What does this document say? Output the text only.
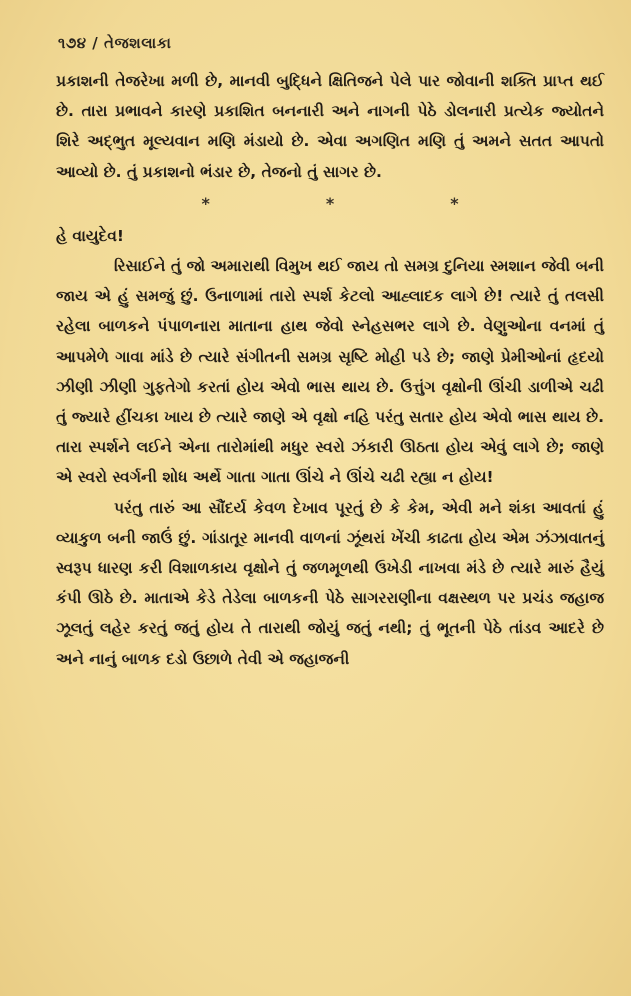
૧૭૪ / તેજશલાકા

પ્રકાશની તેજરેખા મળી છે, માનવી બુદ્ધિને ક્ષિતિજને પેલે પાર જોવાની શક્તિ પ્રાપ્ત થઈ છે. તારા પ્રભાવને કારણે પ્રકાશિત બનનારી અને નાગની પેઠે ડોલનારી પ્રત્યેક જ્યોતને શિરે અદ્ભુત મૂલ્યવાન મણિ મંડાયો છે. એવા અગણિત મણિ તું અમને સતત આપતો આવ્યો છે. તું પ્રકાશનો ભંડાર છે, તેજનો તું સાગર છે.

*	*	*

હે વાયુદેવ!

રિસાઈને તું જો અમારાથી વિમુખ થઈ જાય તો સમગ્ર દુનિયા સ્મશાન જેવી બની જાય એ હું સમજું છું. ઉનાળામાં તારો સ્પર્શ કેટલો આહ્લાદક લાગે છે! ત્યારે તું તલસી રહેલા બાળકને પંપાળનારા માતાના હાથ જેવો સ્નેહસભર લાગે છે. વેણુઓના વનમાં તું આપમેળે ગાવા માંડે છે ત્યારે સંગીતની સમગ્ર સૃષ્ટિ મોહી પડે છે; જાણે પ્રેમીઓનાં હૃદયો ઝીણી ઝીણી ગુફતેગો કરતાં હોય એવો ભાસ થાય છે. ઉત્તુંગ વૃક્ષોની ઊંચી ડાળીએ ચઢી તું જ્યારે હીંચકા ખાય છે ત્યારે જાણે એ વૃક્ષો નહિ પરંતુ સતાર હોય એવો ભાસ થાય છે. તારા સ્પર્શને લઈને એના તારોમાંથી મધુર સ્વરો ઝંકારી ઊઠતા હોય એવું લાગે છે; જાણે એ સ્વરો સ્વર્ગની શોધ અર્થે ગાતા ગાતા ઊંચે ને ઊંચે ચઢી રહ્યા ન હોય!

પરંતુ તારું આ સૌંદર્ય કેવળ દેખાવ પૂરતું છે કે કેમ, એવી મને શંકા આવતાં હું વ્યાકુળ બની જાઉં છું. ગાંડાતૂર માનવી વાળનાં ઝૂંથરાં ખેંચી કાઢતા હોય એમ ઝંઝાવાતનું સ્વરૂપ ધારણ કરી વિશાળકાય વૃક્ષોને તું જળમૂળથી ઉખેડી નાખવા મંડે છે ત્યારે મારું હૈયું કંપી ઊઠે છે. માતાએ કેડે તેડેલા બાળકની પેઠે સાગરરાણીના વક્ષસ્થળ પર પ્રચંડ જહાજ ઝૂલતું લહેર કરતું જતું હોય તે તારાથી જોયું જતું નથી; તું ભૂતની પેઠે તાંડવ આદરે છે અને નાનું બાળક દડો ઉછાળે તેવી એ જહાજની
